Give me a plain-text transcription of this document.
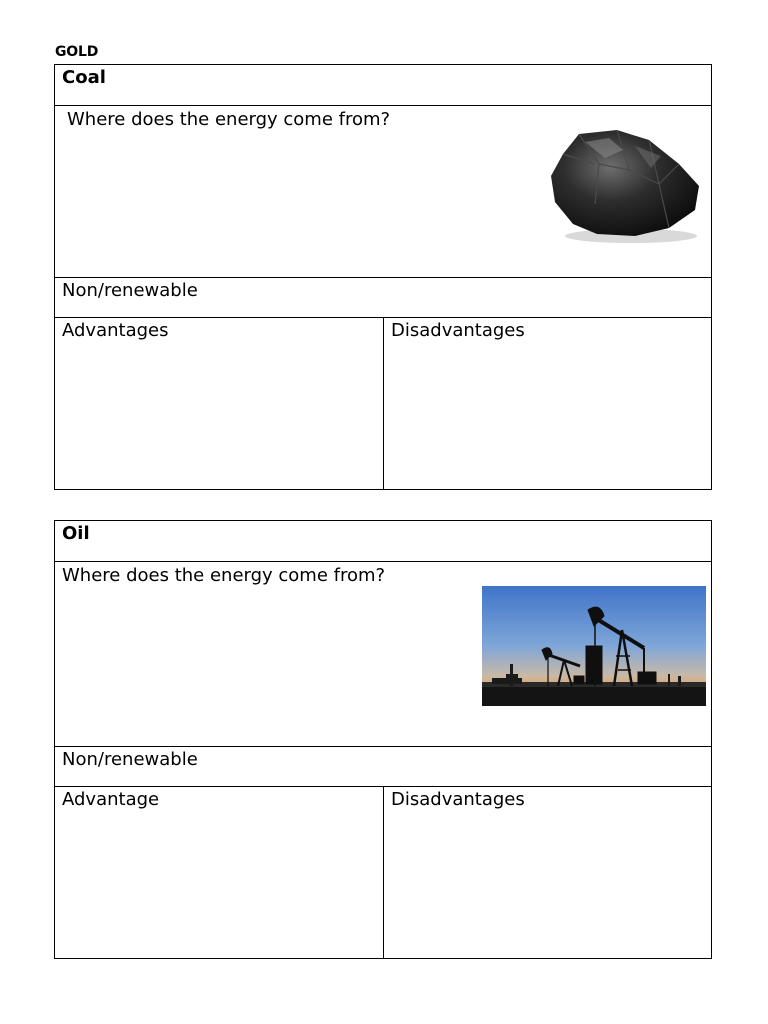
GOLD
Coal
Where does the energy come from?
Non/renewable
Advantages	Disadvantages
Oil
Where does the energy come from?
Non/renewable
Advantage	Disadvantages
